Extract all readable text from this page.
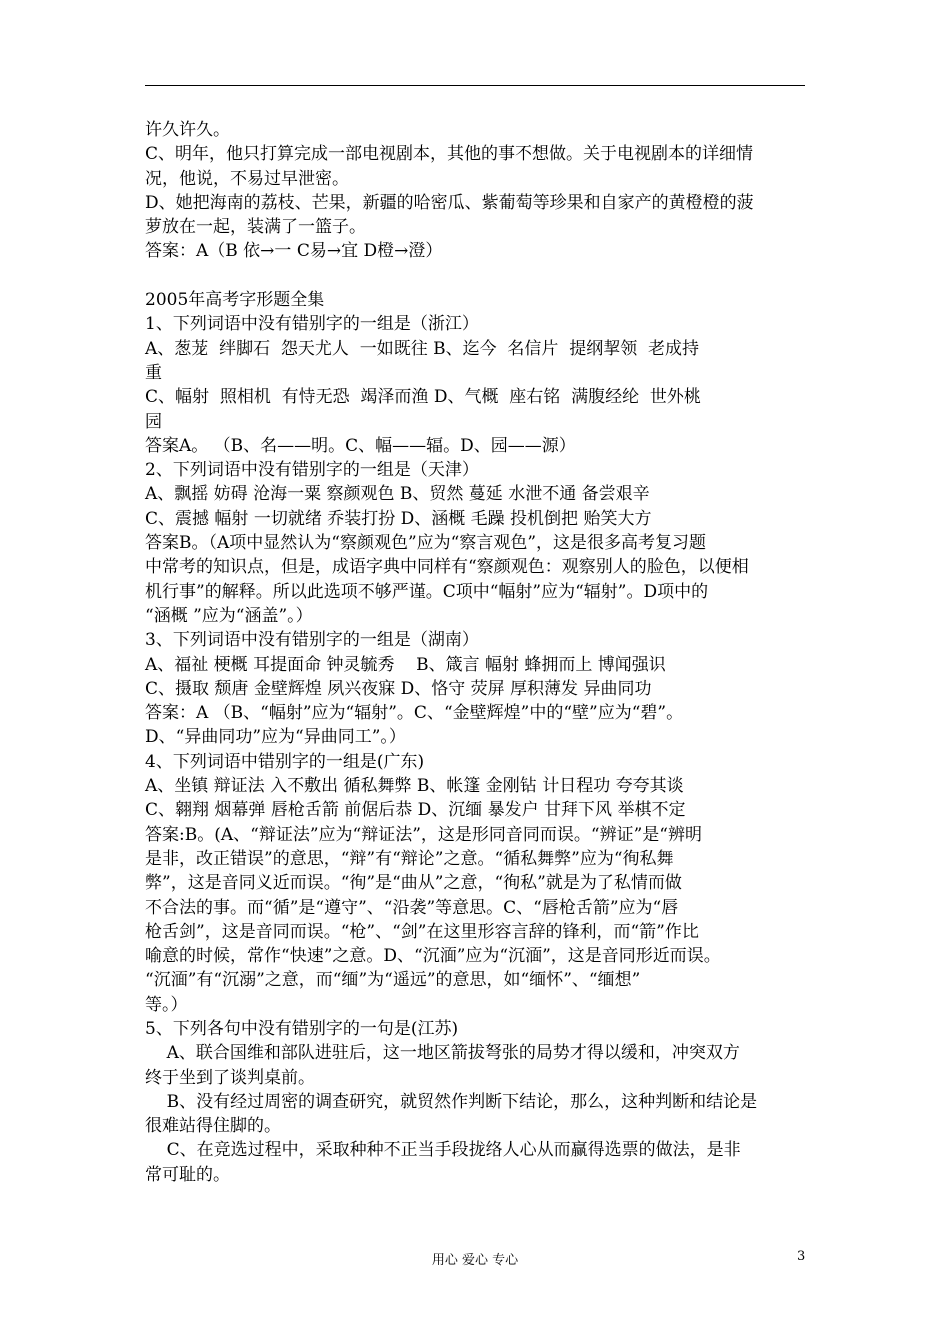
许久许久。
C、明年，他只打算完成一部电视剧本，其他的事不想做。关于电视剧本的详细情
况，他说，不易过早泄密。
D、她把海南的荔枝、芒果，新疆的哈密瓜、紫葡萄等珍果和自家产的黄橙橙的菠
萝放在一起，装满了一篮子。
答案：A（B 依→一 C易→宜 D橙→澄）
2005年高考字形题全集
1、下列词语中没有错别字的一组是（浙江）
A、葱茏  绊脚石  怨天尤人  一如既往 B、迄今  名信片  提纲挈领  老成持
重
C、幅射  照相机  有恃无恐  竭泽而渔 D、气概  座右铭  满腹经纶  世外桃
园
答案A。 （B、名——明。C、幅——辐。D、园——源）
2、下列词语中没有错别字的一组是（天津）
A、飘摇 妨碍 沧海一粟 察颜观色 B、贸然 蔓延 水泄不通 备尝艰辛
C、震撼 幅射 一切就绪 乔装打扮 D、涵概 毛躁 投机倒把 贻笑大方
答案B。（A项中显然认为“察颜观色”应为“察言观色”，这是很多高考复习题
中常考的知识点，但是，成语字典中同样有“察颜观色：观察别人的脸色，以便相
机行事”的解释。所以此选项不够严谨。C项中“幅射”应为“辐射”。D项中的
“涵概 ”应为“涵盖”。）
3、下列词语中没有错别字的一组是（湖南）
A、福祉 梗概 耳提面命 钟灵毓秀    B、箴言 幅射 蜂拥而上 博闻强识
C、摄取 颓唐 金壁辉煌 夙兴夜寐 D、恪守 荧屏 厚积薄发 异曲同功
答案：A （B、“幅射”应为“辐射”。C、“金壁辉煌”中的“壁”应为“碧”。
D、“异曲同功”应为“异曲同工”。）
4、下列词语中错别字的一组是(广东)
A、坐镇 辩证法 入不敷出 循私舞弊 B、帐篷 金刚钻 计日程功 夸夸其谈
C、翱翔 烟幕弹 唇枪舌箭 前倨后恭 D、沉缅 暴发户 甘拜下风 举棋不定
答案:B。(A、“辩证法”应为“辩证法”，这是形同音同而误。“辨证”是“辨明
是非，改正错误”的意思，“辩”有“辩论”之意。“循私舞弊”应为“徇私舞
弊”，这是音同义近而误。“徇”是“曲从”之意，“徇私”就是为了私情而做
不合法的事。而“循”是“遵守”、“沿袭”等意思。C、“唇枪舌箭”应为“唇
枪舌剑”，这是音同而误。“枪”、“剑”在这里形容言辞的锋利，而“箭”作比
喻意的时候，常作“快速”之意。D、“沉湎”应为“沉湎”，这是音同形近而误。
“沉湎”有“沉溺”之意，而“缅”为“遥远”的意思，如“缅怀”、“缅想”
等。）
5、下列各句中没有错别字的一句是(江苏)
A、联合国维和部队进驻后，这一地区箭拔弩张的局势才得以缓和，冲突双方
终于坐到了谈判桌前。
B、没有经过周密的调查研究，就贸然作判断下结论，那么，这种判断和结论是
很难站得住脚的。
C、在竞选过程中，采取种种不正当手段拢络人心从而赢得选票的做法，是非
常可耻的。
用心 爱心 专心	3
